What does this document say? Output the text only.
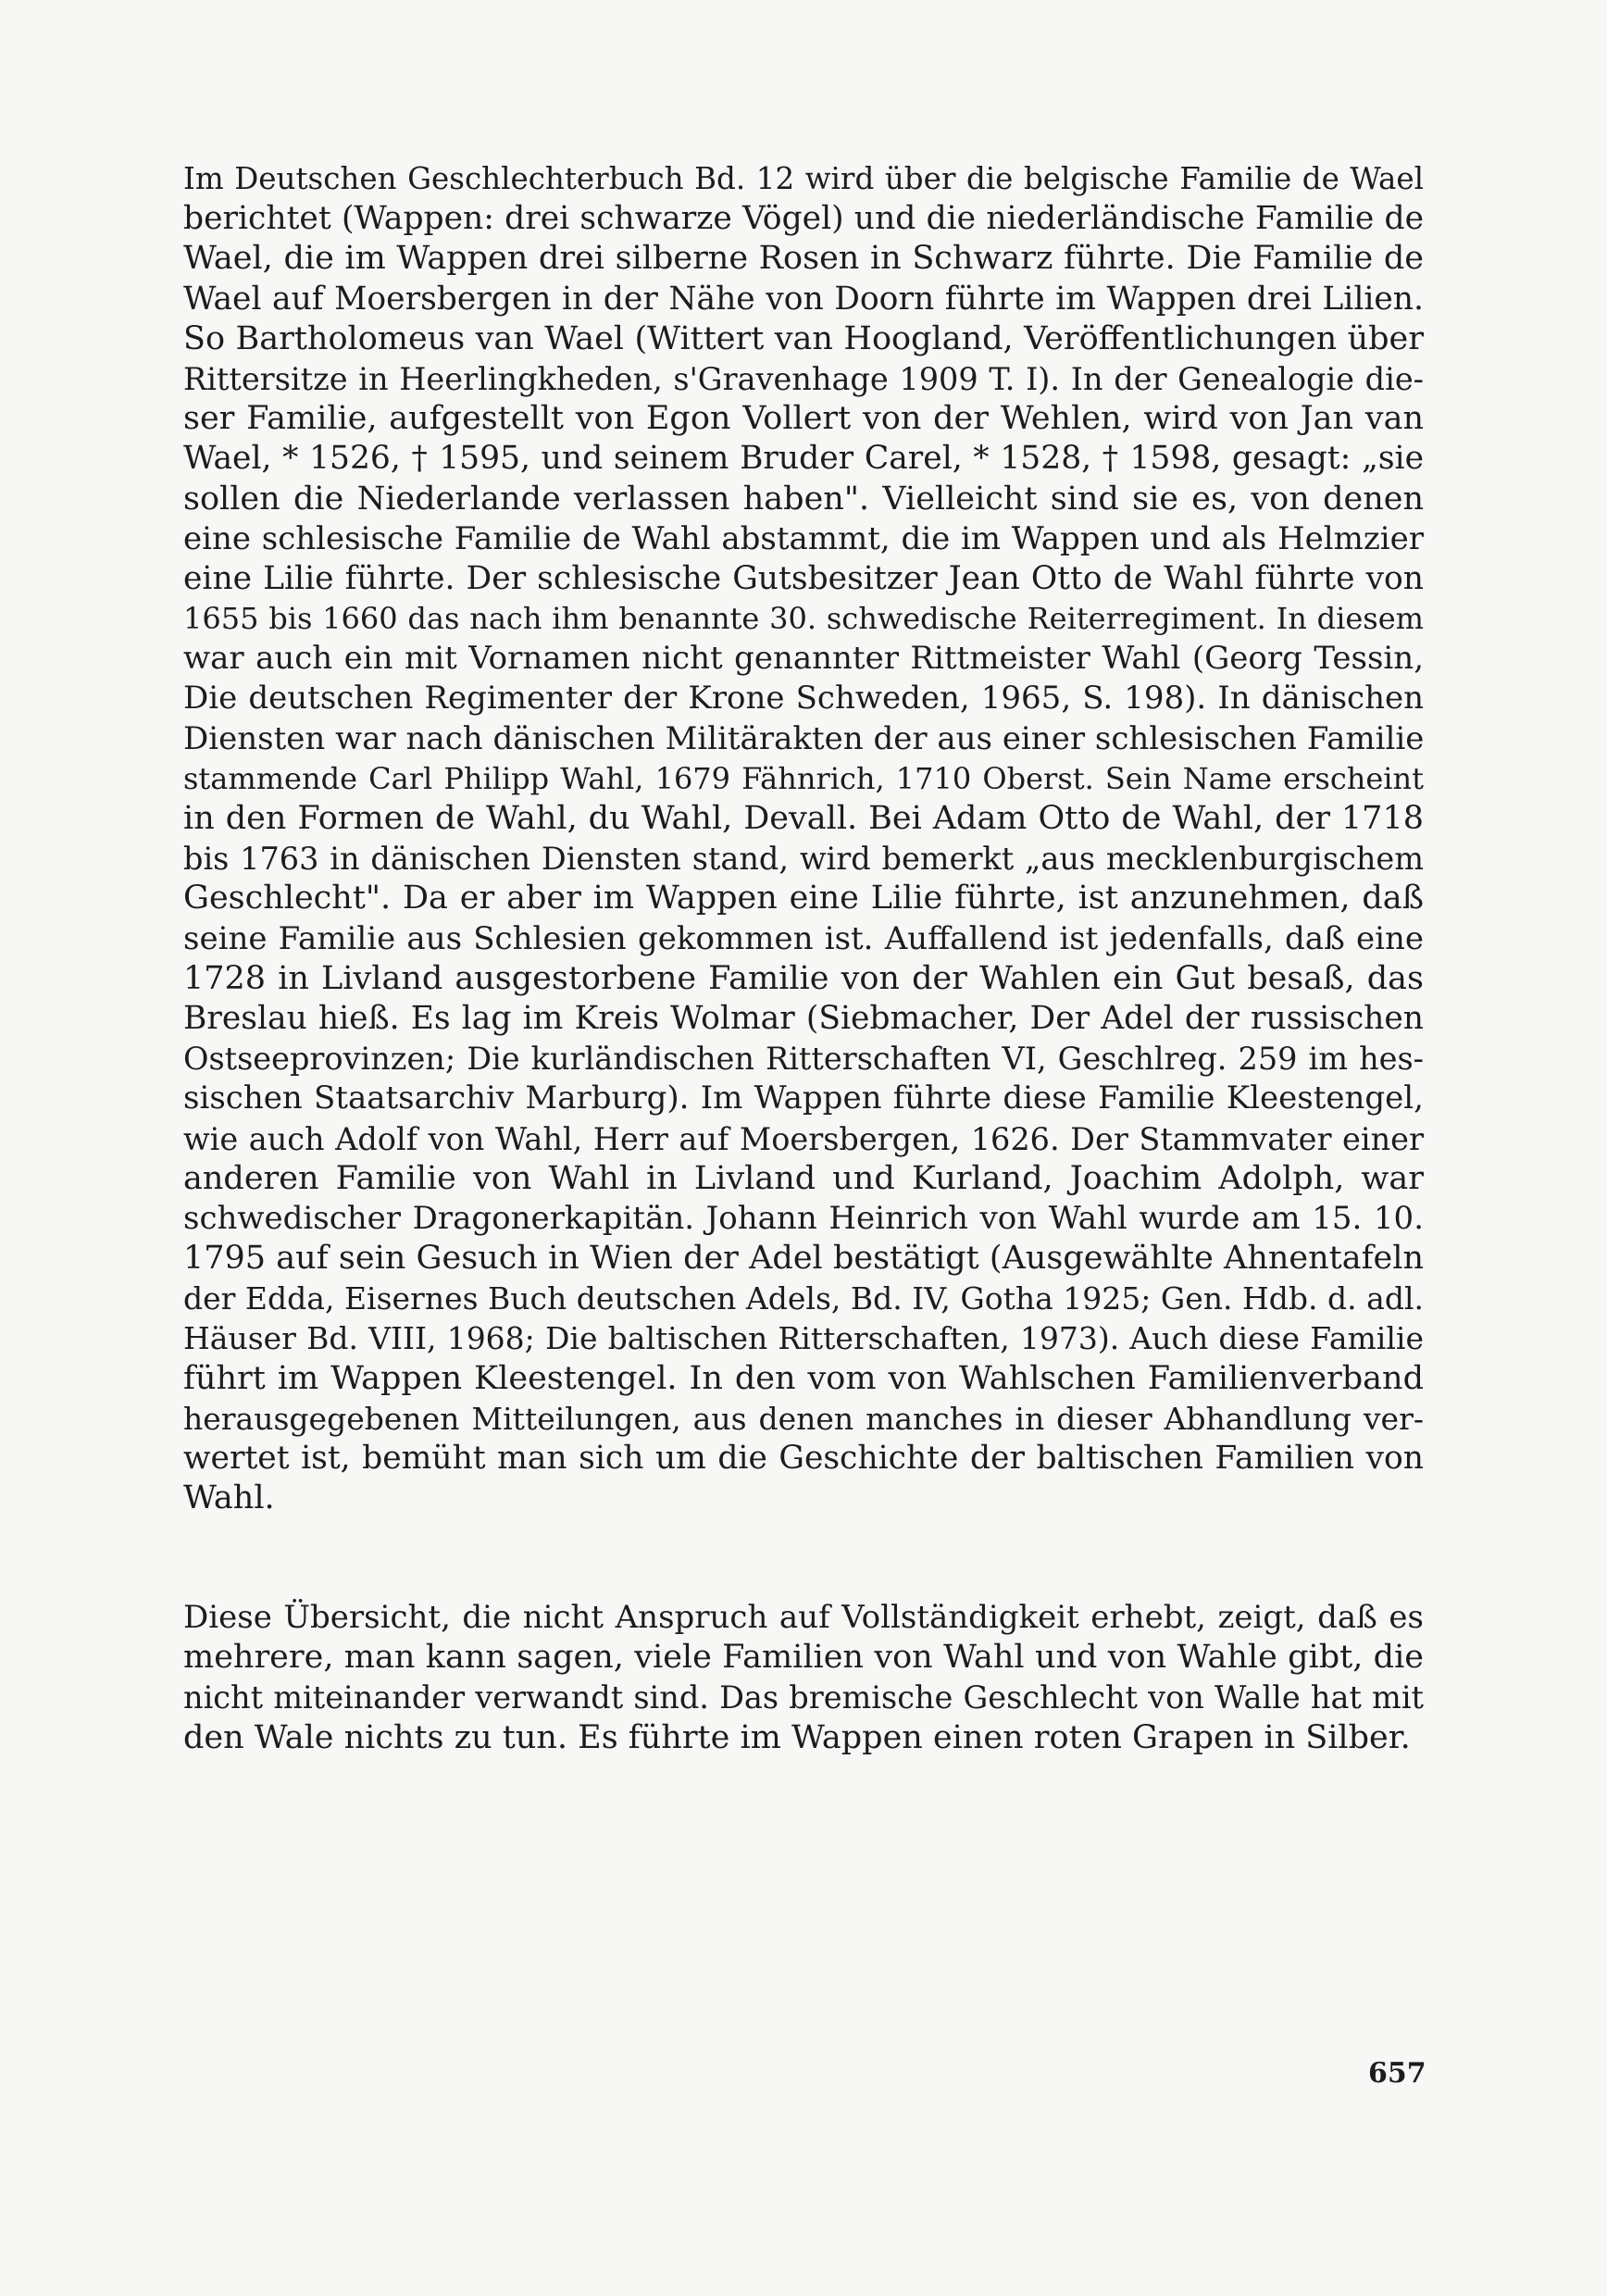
Im Deutschen Geschlechterbuch Bd. 12 wird über die belgische Familie de Wael
berichtet (Wappen: drei schwarze Vögel) und die niederländische Familie de
Wael, die im Wappen drei silberne Rosen in Schwarz führte. Die Familie de
Wael auf Moersbergen in der Nähe von Doorn führte im Wappen drei Lilien.
So Bartholomeus van Wael (Wittert van Hoogland, Veröffentlichungen über
Rittersitze in Heerlingkheden, s'Gravenhage 1909 T. I). In der Genealogie die-
ser Familie, aufgestellt von Egon Vollert von der Wehlen, wird von Jan van
Wael, * 1526, † 1595, und seinem Bruder Carel, * 1528, † 1598, gesagt: „sie
sollen die Niederlande verlassen haben". Vielleicht sind sie es, von denen
eine schlesische Familie de Wahl abstammt, die im Wappen und als Helmzier
eine Lilie führte. Der schlesische Gutsbesitzer Jean Otto de Wahl führte von
1655 bis 1660 das nach ihm benannte 30. schwedische Reiterregiment. In diesem
war auch ein mit Vornamen nicht genannter Rittmeister Wahl (Georg Tessin,
Die deutschen Regimenter der Krone Schweden, 1965, S. 198). In dänischen
Diensten war nach dänischen Militärakten der aus einer schlesischen Familie
stammende Carl Philipp Wahl, 1679 Fähnrich, 1710 Oberst. Sein Name erscheint
in den Formen de Wahl, du Wahl, Devall. Bei Adam Otto de Wahl, der 1718
bis 1763 in dänischen Diensten stand, wird bemerkt „aus mecklenburgischem
Geschlecht". Da er aber im Wappen eine Lilie führte, ist anzunehmen, daß
seine Familie aus Schlesien gekommen ist. Auffallend ist jedenfalls, daß eine
1728 in Livland ausgestorbene Familie von der Wahlen ein Gut besaß, das
Breslau hieß. Es lag im Kreis Wolmar (Siebmacher, Der Adel der russischen
Ostseeprovinzen; Die kurländischen Ritterschaften VI, Geschlreg. 259 im hes-
sischen Staatsarchiv Marburg). Im Wappen führte diese Familie Kleestengel,
wie auch Adolf von Wahl, Herr auf Moersbergen, 1626. Der Stammvater einer
anderen Familie von Wahl in Livland und Kurland, Joachim Adolph, war
schwedischer Dragonerkapitän. Johann Heinrich von Wahl wurde am 15. 10.
1795 auf sein Gesuch in Wien der Adel bestätigt (Ausgewählte Ahnentafeln
der Edda, Eisernes Buch deutschen Adels, Bd. IV, Gotha 1925; Gen. Hdb. d. adl.
Häuser Bd. VIII, 1968; Die baltischen Ritterschaften, 1973). Auch diese Familie
führt im Wappen Kleestengel. In den vom von Wahlschen Familienverband
herausgegebenen Mitteilungen, aus denen manches in dieser Abhandlung ver-
wertet ist, bemüht man sich um die Geschichte der baltischen Familien von
Wahl.
Diese Übersicht, die nicht Anspruch auf Vollständigkeit erhebt, zeigt, daß es
mehrere, man kann sagen, viele Familien von Wahl und von Wahle gibt, die
nicht miteinander verwandt sind. Das bremische Geschlecht von Walle hat mit
den Wale nichts zu tun. Es führte im Wappen einen roten Grapen in Silber.
657
